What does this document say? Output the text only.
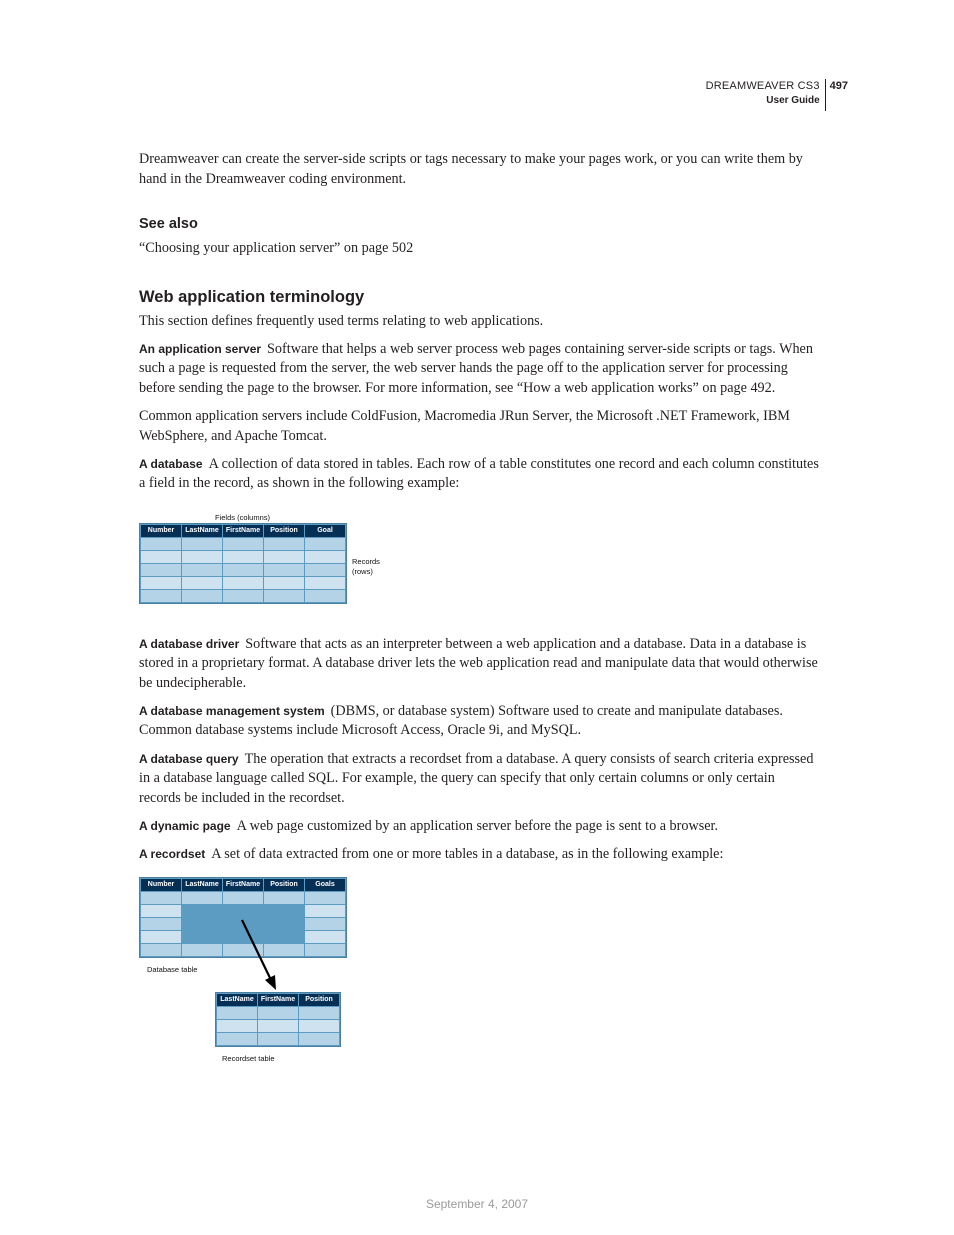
DREAMWEAVER CS3
User Guide
497

Dreamweaver can create the server-side scripts or tags necessary to make your pages work, or you can write them by hand in the Dreamweaver coding environment.

See also

“Choosing your application server” on page 502

Web application terminology

This section defines frequently used terms relating to web applications.

An application server Software that helps a web server process web pages containing server-side scripts or tags. When such a page is requested from the server, the web server hands the page off to the application server for processing before sending the page to the browser. For more information, see “How a web application works” on page 492.

Common application servers include ColdFusion, Macromedia JRun Server, the Microsoft .NET Framework, IBM WebSphere, and Apache Tomcat.

A database A collection of data stored in tables. Each row of a table constitutes one record and each column constitutes a field in the record, as shown in the following example:

Fields (columns)
Number	LastName	FirstName	Position	Goal

Records
(rows)

A database driver Software that acts as an interpreter between a web application and a database. Data in a database is stored in a proprietary format. A database driver lets the web application read and manipulate data that would otherwise be undecipherable.

A database management system (DBMS, or database system) Software used to create and manipulate databases. Common database systems include Microsoft Access, Oracle 9i, and MySQL.

A database query The operation that extracts a recordset from a database. A query consists of search criteria expressed in a database language called SQL. For example, the query can specify that only certain columns or only certain records be included in the recordset.

A dynamic page A web page customized by an application server before the page is sent to a browser.

A recordset A set of data extracted from one or more tables in a database, as in the following example:

Number	LastName	FirstName	Position	Goals

Database table
LastName	FirstName	Position

Recordset table
September 4, 2007
